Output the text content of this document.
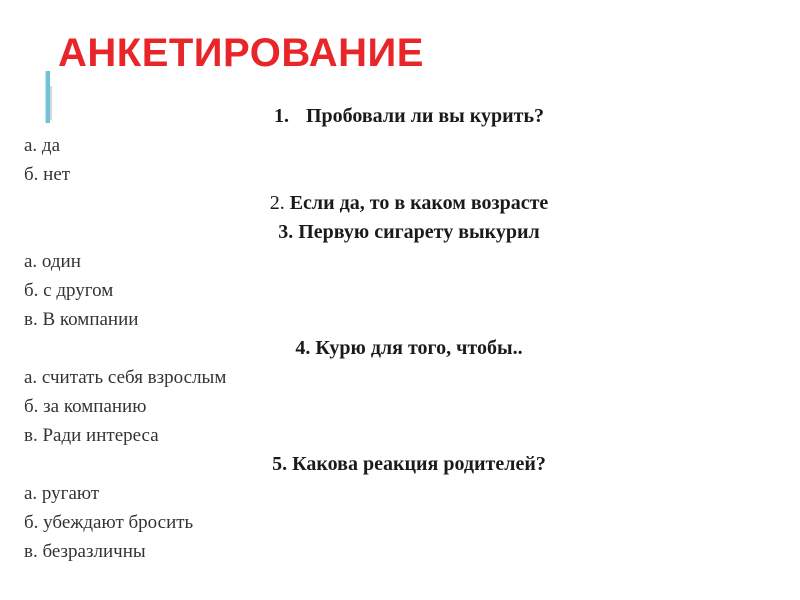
АНКЕТИРОВАНИЕ

1. Пробовали ли вы курить?

а. да

б. нет

2. Если да, то в каком возрасте

3. Первую сигарету выкурил

а. один

б. с другом

в. В компании

4. Курю для того, чтобы..

а. считать себя взрослым

б. за компанию

в. Ради интереса

5. Какова реакция родителей?

а. ругают

б. убеждают бросить

в. безразличны
